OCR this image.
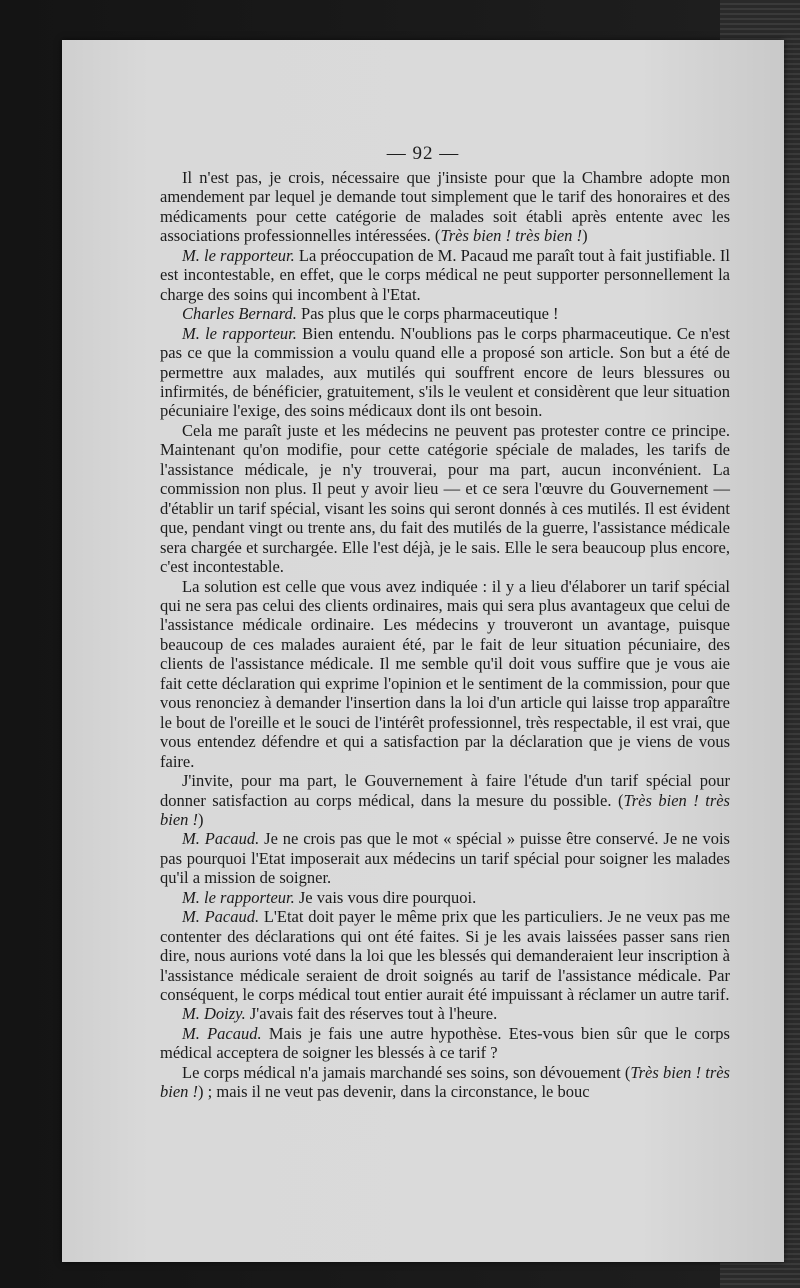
— 92 —

Il n'est pas, je crois, nécessaire que j'insiste pour que la Chambre adopte mon amendement par lequel je demande tout simplement que le tarif des honoraires et des médicaments pour cette catégorie de malades soit établi après entente avec les associations professionnelles intéressées. (Très bien ! très bien !)

M. le rapporteur. La préoccupation de M. Pacaud me paraît tout à fait justifiable. Il est incontestable, en effet, que le corps médical ne peut supporter personnellement la charge des soins qui incombent à l'Etat.

Charles Bernard. Pas plus que le corps pharmaceutique !

M. le rapporteur. Bien entendu. N'oublions pas le corps pharmaceutique. Ce n'est pas ce que la commission a voulu quand elle a proposé son article. Son but a été de permettre aux malades, aux mutilés qui souffrent encore de leurs blessures ou infirmités, de bénéficier, gratuitement, s'ils le veulent et considèrent que leur situation pécuniaire l'exige, des soins médicaux dont ils ont besoin.

Cela me paraît juste et les médecins ne peuvent pas protester contre ce principe. Maintenant qu'on modifie, pour cette catégorie spéciale de malades, les tarifs de l'assistance médicale, je n'y trouverai, pour ma part, aucun inconvénient. La commission non plus. Il peut y avoir lieu — et ce sera l'œuvre du Gouvernement — d'établir un tarif spécial, visant les soins qui seront donnés à ces mutilés. Il est évident que, pendant vingt ou trente ans, du fait des mutilés de la guerre, l'assistance médicale sera chargée et surchargée. Elle l'est déjà, je le sais. Elle le sera beaucoup plus encore, c'est incontestable.

La solution est celle que vous avez indiquée : il y a lieu d'élaborer un tarif spécial qui ne sera pas celui des clients ordinaires, mais qui sera plus avantageux que celui de l'assistance médicale ordinaire. Les médecins y trouveront un avantage, puisque beaucoup de ces malades auraient été, par le fait de leur situation pécuniaire, des clients de l'assistance médicale. Il me semble qu'il doit vous suffire que je vous aie fait cette déclaration qui exprime l'opinion et le sentiment de la commission, pour que vous renonciez à demander l'insertion dans la loi d'un article qui laisse trop apparaître le bout de l'oreille et le souci de l'intérêt professionnel, très respectable, il est vrai, que vous entendez défendre et qui a satisfaction par la déclaration que je viens de vous faire.

J'invite, pour ma part, le Gouvernement à faire l'étude d'un tarif spécial pour donner satisfaction au corps médical, dans la mesure du possible. (Très bien ! très bien !)

M. Pacaud. Je ne crois pas que le mot « spécial » puisse être conservé. Je ne vois pas pourquoi l'Etat imposerait aux médecins un tarif spécial pour soigner les malades qu'il a mission de soigner.

M. le rapporteur. Je vais vous dire pourquoi.

M. Pacaud. L'Etat doit payer le même prix que les particuliers. Je ne veux pas me contenter des déclarations qui ont été faites. Si je les avais laissées passer sans rien dire, nous aurions voté dans la loi que les blessés qui demanderaient leur inscription à l'assistance médicale seraient de droit soignés au tarif de l'assistance médicale. Par conséquent, le corps médical tout entier aurait été impuissant à réclamer un autre tarif.

M. Doizy. J'avais fait des réserves tout à l'heure.

M. Pacaud. Mais je fais une autre hypothèse. Etes-vous bien sûr que le corps médical acceptera de soigner les blessés à ce tarif ?

Le corps médical n'a jamais marchandé ses soins, son dévouement (Très bien ! très bien !) ; mais il ne veut pas devenir, dans la circonstance, le bouc
